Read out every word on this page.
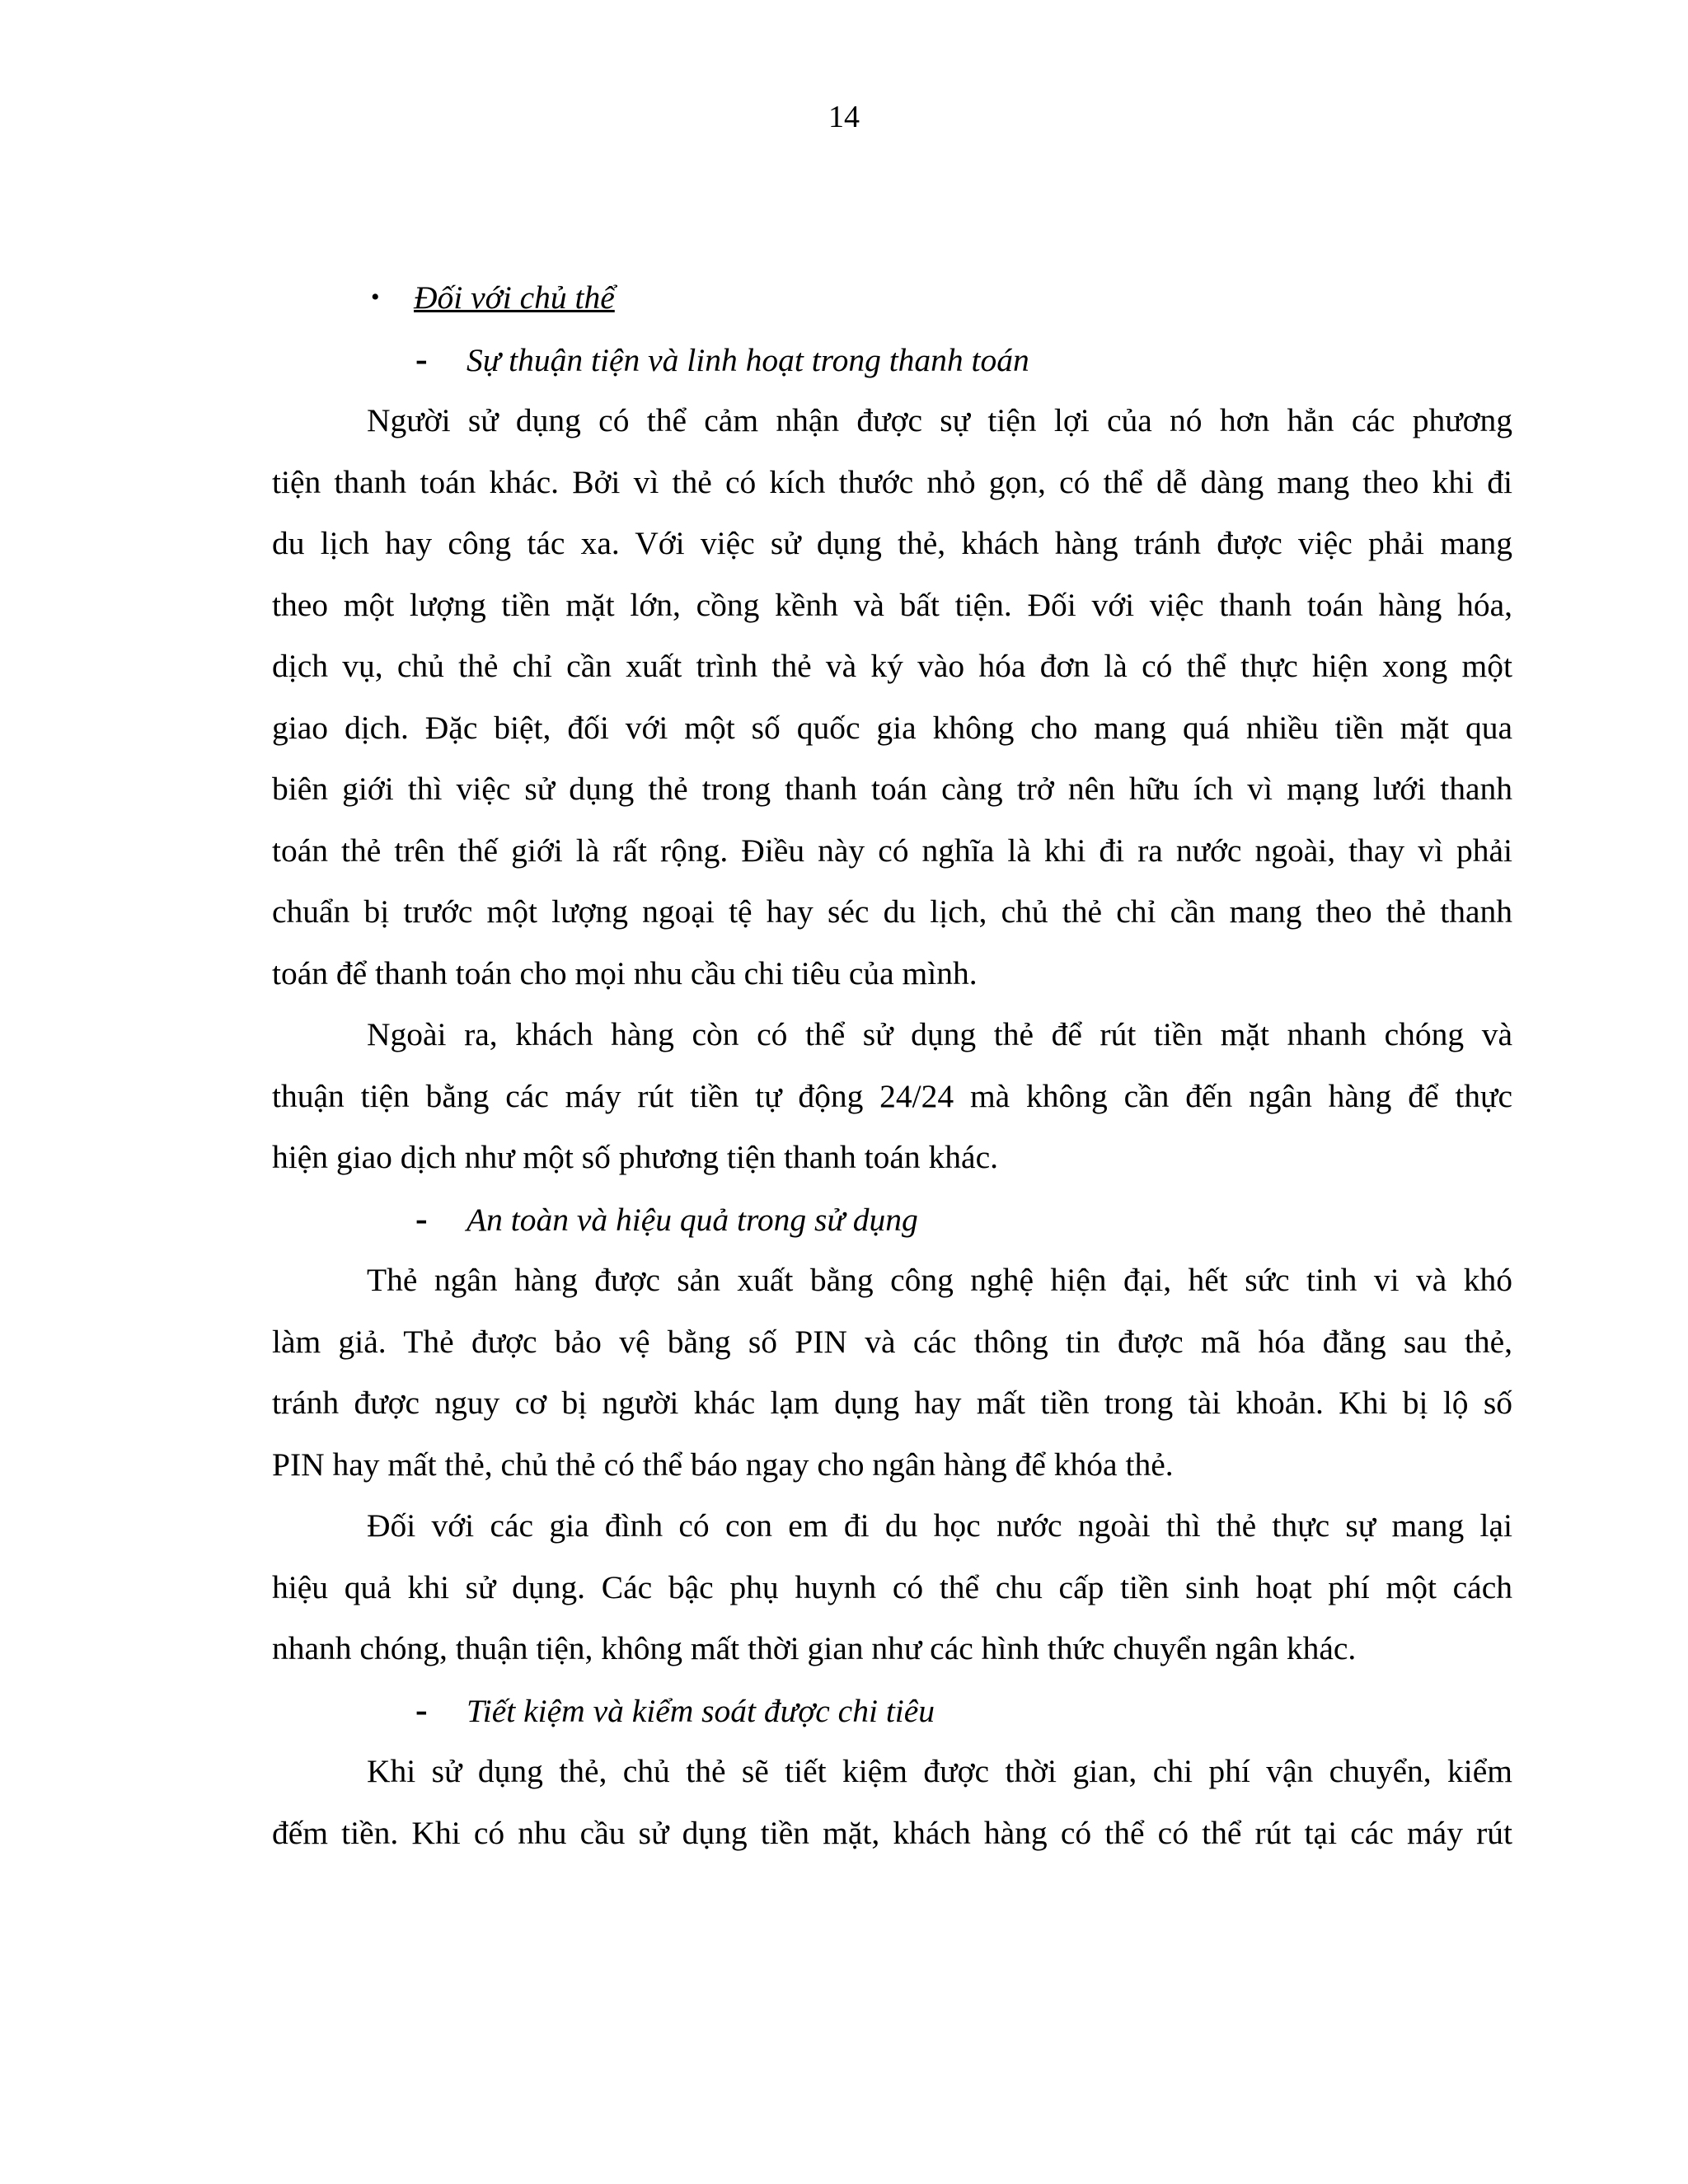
14
• Đối với chủ thể
- Sự thuận tiện và linh hoạt trong thanh toán
Người sử dụng có thể cảm nhận được sự tiện lợi của nó hơn hẳn các phương
tiện thanh toán khác. Bởi vì thẻ có kích thước nhỏ gọn, có thể dễ dàng mang theo khi đi
du lịch hay công tác xa. Với việc sử dụng thẻ, khách hàng tránh được việc phải mang
theo một lượng tiền mặt lớn, cồng kềnh và bất tiện. Đối với việc thanh toán hàng hóa,
dịch vụ, chủ thẻ chỉ cần xuất trình thẻ và ký vào hóa đơn là có thể thực hiện xong một
giao dịch. Đặc biệt, đối với một số quốc gia không cho mang quá nhiều tiền mặt qua
biên giới thì việc sử dụng thẻ trong thanh toán càng trở nên hữu ích vì mạng lưới thanh
toán thẻ trên thế giới là rất rộng. Điều này có nghĩa là khi đi ra nước ngoài, thay vì phải
chuẩn bị trước một lượng ngoại tệ hay séc du lịch, chủ thẻ chỉ cần mang theo thẻ thanh
toán để thanh toán cho mọi nhu cầu chi tiêu của mình.
Ngoài ra, khách hàng còn có thể sử dụng thẻ để rút tiền mặt nhanh chóng và
thuận tiện bằng các máy rút tiền tự động 24/24 mà không cần đến ngân hàng để thực
hiện giao dịch như một số phương tiện thanh toán khác.
- An toàn và hiệu quả trong sử dụng
Thẻ ngân hàng được sản xuất bằng công nghệ hiện đại, hết sức tinh vi và khó
làm giả. Thẻ được bảo vệ bằng số PIN và các thông tin được mã hóa đằng sau thẻ,
tránh được nguy cơ bị người khác lạm dụng hay mất tiền trong tài khoản. Khi bị lộ số
PIN hay mất thẻ, chủ thẻ có thể báo ngay cho ngân hàng để khóa thẻ.
Đối với các gia đình có con em đi du học nước ngoài thì thẻ thực sự mang lại
hiệu quả khi sử dụng. Các bậc phụ huynh có thể chu cấp tiền sinh hoạt phí một cách
nhanh chóng, thuận tiện, không mất thời gian như các hình thức chuyển ngân khác.
- Tiết kiệm và kiểm soát được chi tiêu
Khi sử dụng thẻ, chủ thẻ sẽ tiết kiệm được thời gian, chi phí vận chuyển, kiểm
đếm tiền. Khi có nhu cầu sử dụng tiền mặt, khách hàng có thể có thể rút tại các máy rút
